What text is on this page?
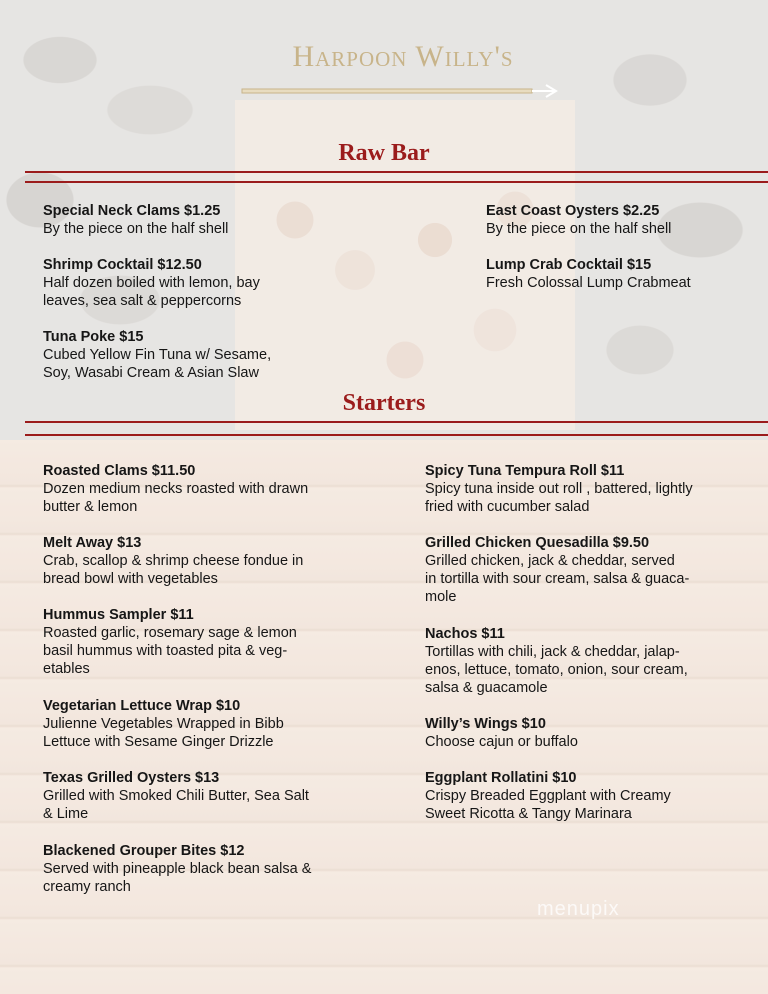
Harpoon Willy's
Raw Bar
Starters
menupix
Special Neck Clams $1.25
By the piece on the half shell
Shrimp Cocktail $12.50
Half dozen boiled with lemon, bay
leaves, sea salt & peppercorns
Tuna Poke $15
Cubed Yellow Fin Tuna w/ Sesame,
Soy, Wasabi Cream & Asian Slaw
East Coast Oysters $2.25
By the piece on the half shell
Lump Crab Cocktail $15
Fresh Colossal Lump Crabmeat
Roasted Clams $11.50
Dozen medium necks roasted with drawn
butter & lemon
Melt Away $13
Crab, scallop & shrimp cheese fondue in
bread bowl with vegetables
Hummus Sampler $11
Roasted garlic, rosemary sage & lemon
basil hummus with toasted pita & veg-
etables
Vegetarian Lettuce Wrap $10
Julienne Vegetables Wrapped in Bibb
Lettuce with Sesame Ginger Drizzle
Texas Grilled Oysters $13
Grilled with Smoked Chili Butter, Sea Salt
& Lime
Blackened Grouper Bites $12
Served with pineapple black bean salsa &
creamy ranch
Spicy Tuna Tempura Roll $11
Spicy tuna inside out roll , battered, lightly
fried with cucumber salad
Grilled Chicken Quesadilla $9.50
Grilled chicken, jack & cheddar, served
in tortilla with sour cream, salsa & guaca-
mole
Nachos $11
Tortillas with chili, jack & cheddar, jalap-
enos, lettuce, tomato, onion, sour cream,
salsa & guacamole
Willy’s Wings $10
Choose cajun or buffalo
Eggplant Rollatini $10
Crispy Breaded Eggplant with Creamy
Sweet Ricotta & Tangy Marinara
